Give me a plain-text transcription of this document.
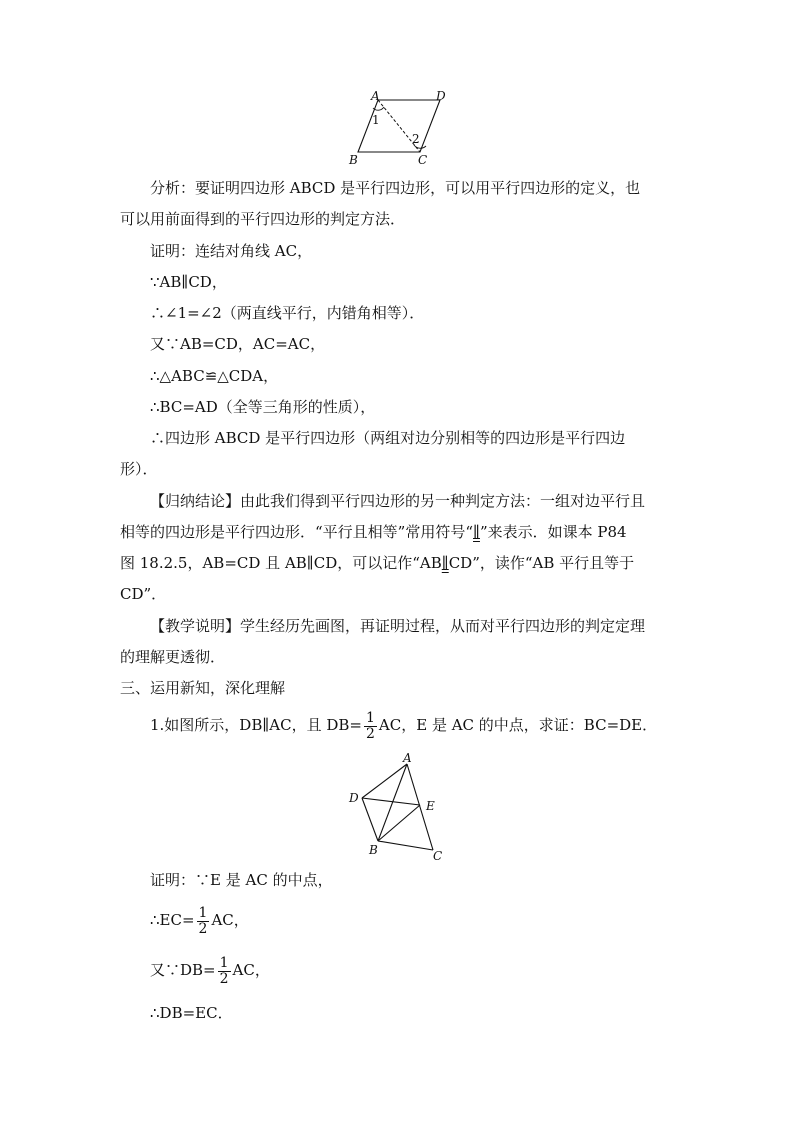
A	D
B	C
1
2
分析：要证明四边形 ABCD 是平行四边形，可以用平行四边形的定义，也
可以用前面得到的平行四边形的判定方法．
证明：连结对角线 AC，
∵AB∥CD，
∴∠1=∠2（两直线平行，内错角相等）．
又∵AB=CD，AC=AC，
∴△ABC≌△CDA，
∴BC=AD（全等三角形的性质），
∴四边形 ABCD 是平行四边形（两组对边分别相等的四边形是平行四边
形）．
【归纳结论】由此我们得到平行四边形的另一种判定方法：一组对边平行且
相等的四边形是平行四边形．“平行且相等”常用符号“∥”来表示．如课本 P84
图 18.2.5，AB=CD 且 AB∥CD，可以记作“AB∥CD”，读作“AB 平行且等于
CD”．
【教学说明】学生经历先画图，再证明过程，从而对平行四边形的判定定理
的理解更透彻．
三、运用新知，深化理解
1.如图所示，DB∥AC，且 $DB= \frac{1}{2}$ AC，E 是 AC 的中点，求证：BC=DE．
A
D
E
B	C
证明：∵E 是 AC 的中点，
∴EC= $\frac{1}{2}$ AC，
又∵DB= $\frac{1}{2}$ AC，
∴DB=EC．
